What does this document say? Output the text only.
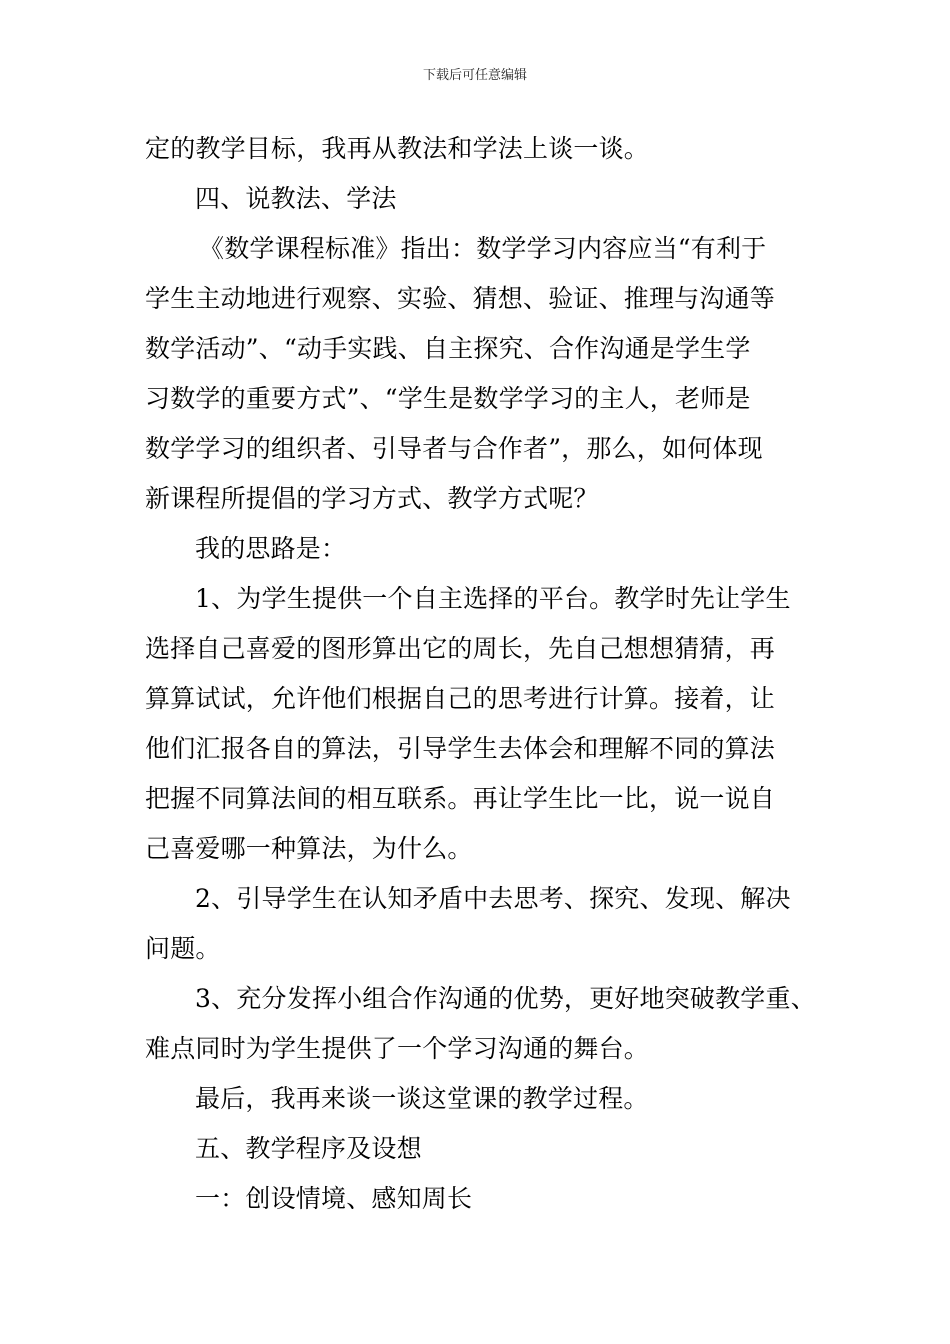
下载后可任意编辑
定的教学目标，我再从教法和学法上谈一谈。
四、说教法、学法
《数学课程标准》指出：数学学习内容应当“有利于
学生主动地进行观察、实验、猜想、验证、推理与沟通等
数学活动”、“动手实践、自主探究、合作沟通是学生学
习数学的重要方式”、“学生是数学学习的主人，老师是
数学学习的组织者、引导者与合作者”，那么，如何体现
新课程所提倡的学习方式、教学方式呢？
我的思路是：
1、为学生提供一个自主选择的平台。教学时先让学生
选择自己喜爱的图形算出它的周长，先自己想想猜猜，再
算算试试，允许他们根据自己的思考进行计算。接着，让
他们汇报各自的算法，引导学生去体会和理解不同的算法
把握不同算法间的相互联系。再让学生比一比，说一说自
己喜爱哪一种算法，为什么。
2、引导学生在认知矛盾中去思考、探究、发现、解决
问题。
3、充分发挥小组合作沟通的优势，更好地突破教学重、
难点同时为学生提供了一个学习沟通的舞台。
最后，我再来谈一谈这堂课的教学过程。
五、教学程序及设想
一：创设情境、感知周长
